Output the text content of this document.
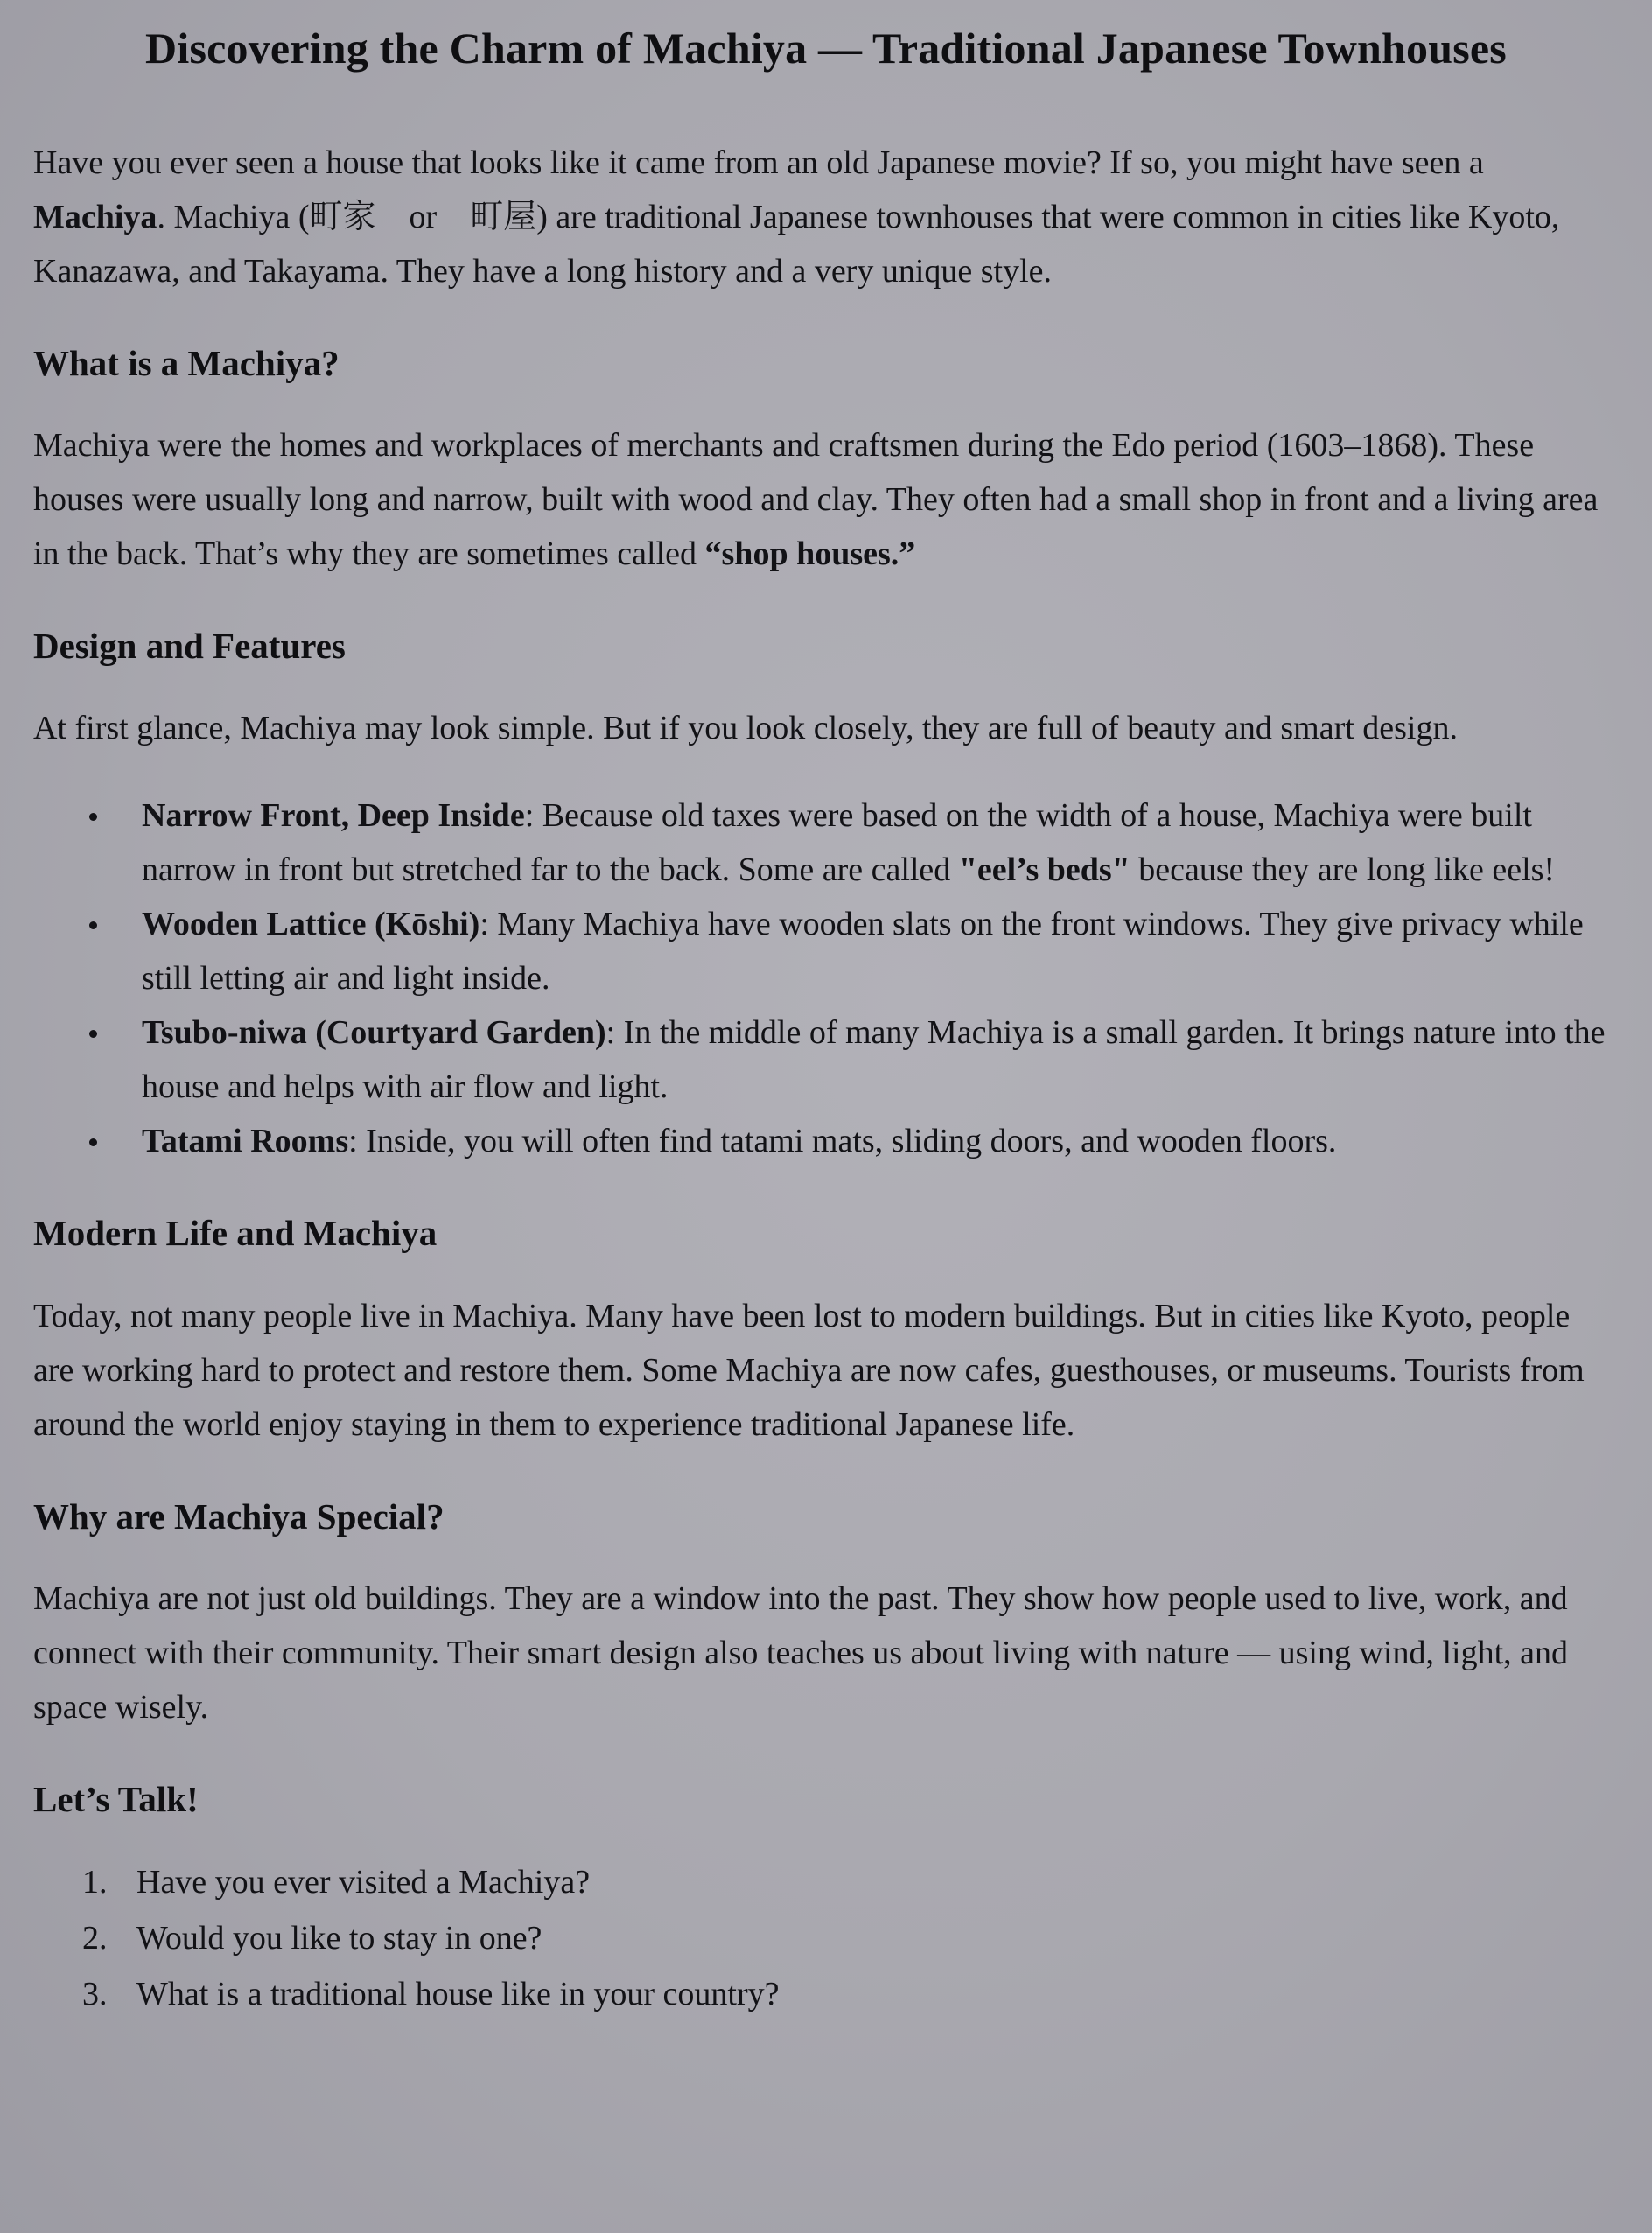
Discovering the Charm of Machiya — Traditional Japanese Townhouses

Have you ever seen a house that looks like it came from an old Japanese movie? If so, you might have seen a Machiya. Machiya (町家　or　町屋) are traditional Japanese townhouses that were common in cities like Kyoto, Kanazawa, and Takayama. They have a long history and a very unique style.

What is a Machiya?

Machiya were the homes and workplaces of merchants and craftsmen during the Edo period (1603–1868). These houses were usually long and narrow, built with wood and clay. They often had a small shop in front and a living area in the back. That’s why they are sometimes called “shop houses.”

Design and Features

At first glance, Machiya may look simple. But if you look closely, they are full of beauty and smart design.

Narrow Front, Deep Inside: Because old taxes were based on the width of a house, Machiya were built narrow in front but stretched far to the back. Some are called "eel’s beds" because they are long like eels!
Wooden Lattice (Kōshi): Many Machiya have wooden slats on the front windows. They give privacy while still letting air and light inside.
Tsubo-niwa (Courtyard Garden): In the middle of many Machiya is a small garden. It brings nature into the house and helps with air flow and light.
Tatami Rooms: Inside, you will often find tatami mats, sliding doors, and wooden floors.
Modern Life and Machiya

Today, not many people live in Machiya. Many have been lost to modern buildings. But in cities like Kyoto, people are working hard to protect and restore them. Some Machiya are now cafes, guesthouses, or museums. Tourists from around the world enjoy staying in them to experience traditional Japanese life.

Why are Machiya Special?

Machiya are not just old buildings. They are a window into the past. They show how people used to live, work, and connect with their community. Their smart design also teaches us about living with nature — using wind, light, and space wisely.

Let’s Talk!
1. Have you ever visited a Machiya?
2. Would you like to stay in one?
3. What is a traditional house like in your country?
